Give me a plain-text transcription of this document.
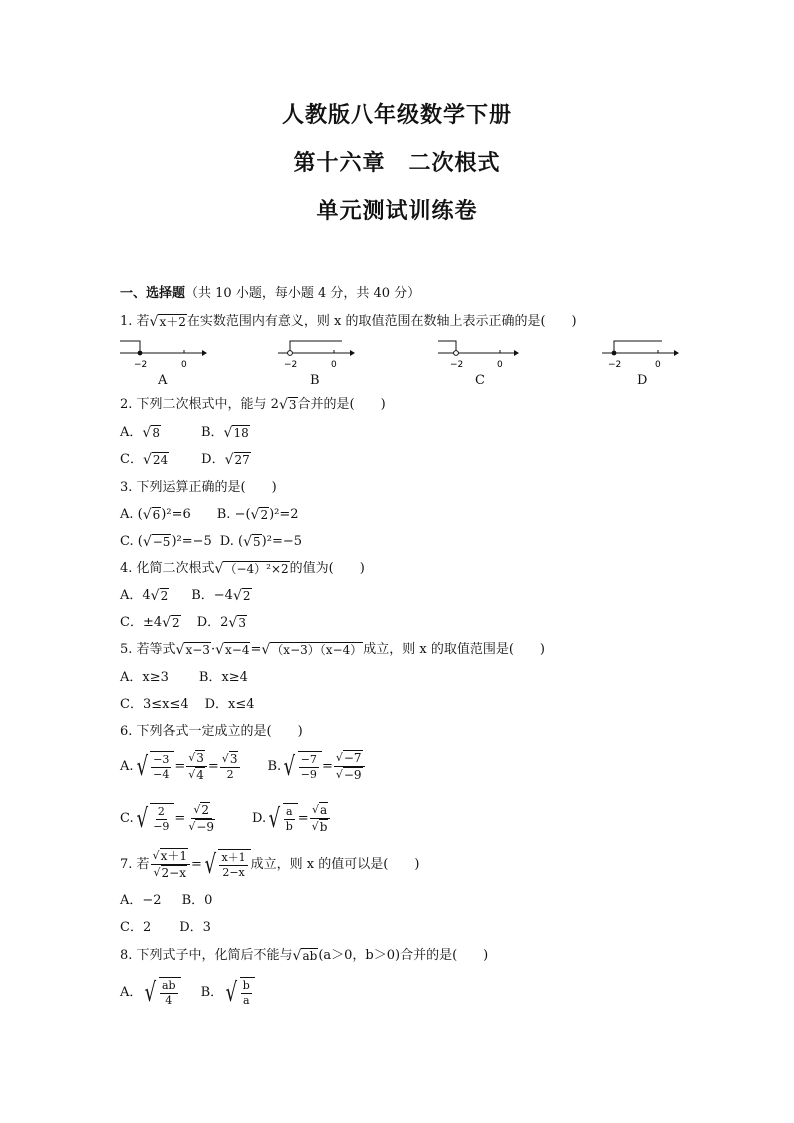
人教版八年级数学下册
第十六章　二次根式
单元测试训练卷
一、选择题（共 10 小题，每小题 4 分，共 40 分）
1. 若 √ x＋2 在实数范围内有意义，则 x 的取值范围在数轴上表示正确的是(　　)
−2	0
A
−2	0
B
−2	0
C
−2	0
D
2. 下列二次根式中，能与 2 √ 3 合并的是(　　)
A． √ 8	B． √ 18
C． √ 24	D． √ 27
3. 下列运算正确的是(　　)
A. ( √ 6 )²=6 B. −( √ 2 )²=2
C. ( √ −5 )²=−5 D. ( √ 5 )²=−5
4. 化简二次根式 √ （−4）²×2 的值为(　　)
A．4 √ 2 B．−4 √ 2
C．±4 √ 2 D．2 √ 3
5. 若等式 √ x−3 · √ x−4 = √ （x−3）（x−4） 成立，则 x 的取值范围是(　　)
A．x≥3 B．x≥4
C．3≤x≤4 D．x≤4
6. 下列各式一定成立的是(　　)
A. √ $\frac{-3}{-4} = \frac{√ 3}{√ 4} = \frac{√ 3}{2} B$. √ $\frac{-7}{-9} = \frac{√ -7}{√ -9}$
C. √ $\frac{2}{-9} = \frac{√ 2}{√ -9}$	D. √ $\frac{a}{b} = \frac{√ a}{√ b}$
7. 若 $\frac{√ x+1}{√ 2-x}$ = √ $\frac{x+1}{2-x}$ 成立，则 x 的值可以是(　　)
A．−2 B．0
C．2 D．3
8. 下列式子中，化简后不能与 √ ab (a＞0，b＞0)合并的是(　　)
A． √ $\frac{ab}{4}$ B． √ $\frac{b}{a}$
